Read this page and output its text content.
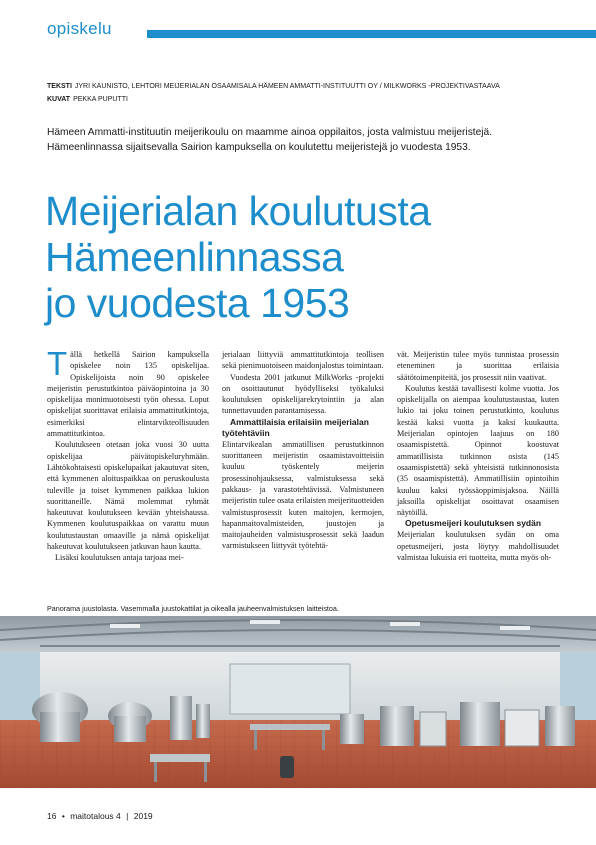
opiskelu
TEKSTI JYRI KAUNISTO, LEHTORI MEIJERIALAN OSAAMISALA HÄMEEN AMMATTI-INSTITUUTTI OY / MILKWORKS -PROJEKTIVASTAAVA
KUVAT PEKKA PUPUTTI
Hämeen Ammatti-instituutin meijerikoulu on maamme ainoa oppilaitos, josta valmistuu meijeristejä. Hämeenlinnassa sijaitsevalla Sairion kampuksella on koulutettu meijeristejä jo vuodesta 1953.
Meijerialan koulutusta
Hämeenlinnassa
jo vuodesta 1953

Tällä hetkellä Sairion kampuksella opiskelee noin 135 opiskelijaa. Opiskelijoista noin 90 opiskelee meijeristin perustutkintoa päiväopintoina ja 30 opiskelijaa monimuotoisesti työn ohessa. Loput opiskelijat suorittavat erilaisia ammattitutkintoja, esimerkiksi elintarvikteollisuuden ammattitutkintoa.

Koulutukseen otetaan joka vuosi 30 uutta opiskelijaa päivätopiskeluryhmään. Lähtökohtaisesti opiskelupaikat jakautuvat siten, että kymmenen aloituspaikkaa on peruskoulusta tuleville ja toiset kymmenen paikkaa lukion suorittaneille. Nämä molemmat ryhmät hakeutuvat koulutukseen kevään yhteishaussa. Kymmenen koulutuspaikkaa on varattu muun koulutustaustan omaaville ja nämä opiskelijat hakeutuvat koulutukseen jatkuvan haun kautta.

Lisäksi koulutuksen antaja tarjoaa mei-

jerialaan liittyviä ammattitutkintoja teollisen sekä pienimuotoiseen maidonjalostus toimintaan.

Vuodesta 2001 jatkunut MilkWorks -projekti on osoittautunut hyödylliseksi työkaluksi koulutuksen opiskelijarekrytointiin ja alan tunnettavuuden parantamisessa.

Ammattilaisia erilaisiin meijerialan työtehtäviin

Elintarvikealan ammatillisen perustutkinnon suorittaneen meijeristin osaamistavoitteisiin kuuluu työskentely meijerin prosessinohjauksessa, valmistuksessa sekä pakkaus- ja varastotehtävissä. Valmistuneen meijeristin tulee osata erilaisten meijerituotteiden valmistusprosessit kuten maitojen, kermojen, hapanmaitovalmisteiden, juustojen ja maitojauheiden valmistusprosessit sekä laadun varmistukseen liittyvät työtehtä-

vät. Meijeristin tulee myös tunnistaa prosessin eteneminen ja suorittaa erilaisia säätötoimenpiteitä, jos prosessit niin vaativat.

Koulutus kestää tavallisesti kolme vuotta. Jos opiskelijalla on aiempaa koulutustaustaa, kuten lukio tai joku toinen perustutkinto, koulutus kestää kaksi vuotta ja kaksi kuukautta. Meijerialan opintojen laajuus on 180 osaamispistettä. Opinnot koostuvat ammatillisista tutkinnon osista (145 osaamispistettä) sekä yhteisistä tutkinnonosista (35 osaamispistettä). Ammatillisiin opintoihin kuuluu kaksi työssäoppimisjaksoa. Näillä jaksoilla opiskelijat osoittavat osaamisen näytöillä.

Opetusmeijeri koulutuksen sydän

Meijerialan koulutuksen sydän on oma opetusmeijeri, josta löytyy mahdollisuudet valmistaa lukuisia eri tuotteita, mutta myös oh-

Panorama juustolasta. Vasemmalla juustokattilat ja oikealla jauheenvalmistuksen laitteistoa.
16 • maitotalous 4 | 2019
